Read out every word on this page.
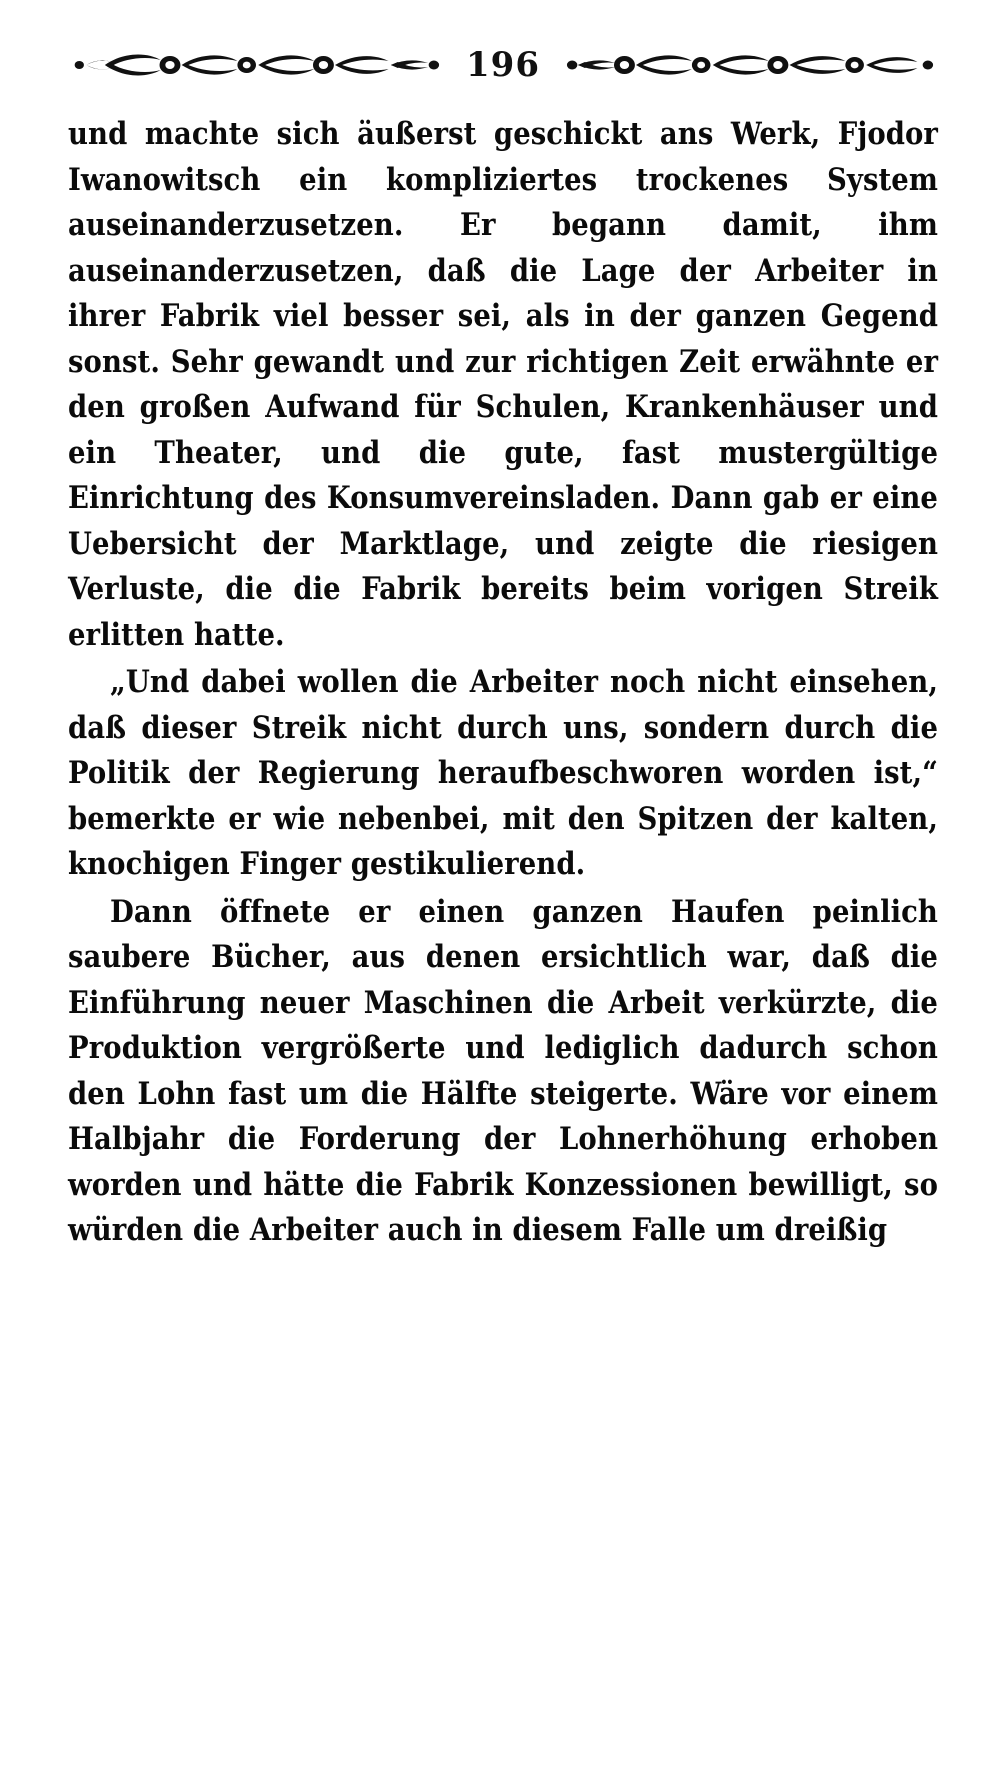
196

und machte sich äußerst geschickt ans Werk, Fjodor Iwanowitsch ein kompliziertes trockenes System auseinanderzusetzen. Er begann damit, ihm auseinanderzusetzen, daß die Lage der Arbeiter in ihrer Fabrik viel besser sei, als in der ganzen Gegend sonst. Sehr gewandt und zur richtigen Zeit erwähnte er den großen Aufwand für Schulen, Krankenhäuser und ein Theater, und die gute, fast mustergültige Einrichtung des Konsumvereinsladen. Dann gab er eine Uebersicht der Marktlage, und zeigte die riesigen Verluste, die die Fabrik bereits beim vorigen Streik erlitten hatte.

„Und dabei wollen die Arbeiter noch nicht einsehen, daß dieser Streik nicht durch uns, sondern durch die Politik der Regierung heraufbeschworen worden ist,“ bemerkte er wie nebenbei, mit den Spitzen der kalten, knochigen Finger gestikulierend.

Dann öffnete er einen ganzen Haufen peinlich saubere Bücher, aus denen ersichtlich war, daß die Einführung neuer Maschinen die Arbeit verkürzte, die Produktion vergrößerte und lediglich dadurch schon den Lohn fast um die Hälfte steigerte. Wäre vor einem Halbjahr die Forderung der Lohnerhöhung erhoben worden und hätte die Fabrik Konzessionen bewilligt, so würden die Arbeiter auch in diesem Falle um dreißig
